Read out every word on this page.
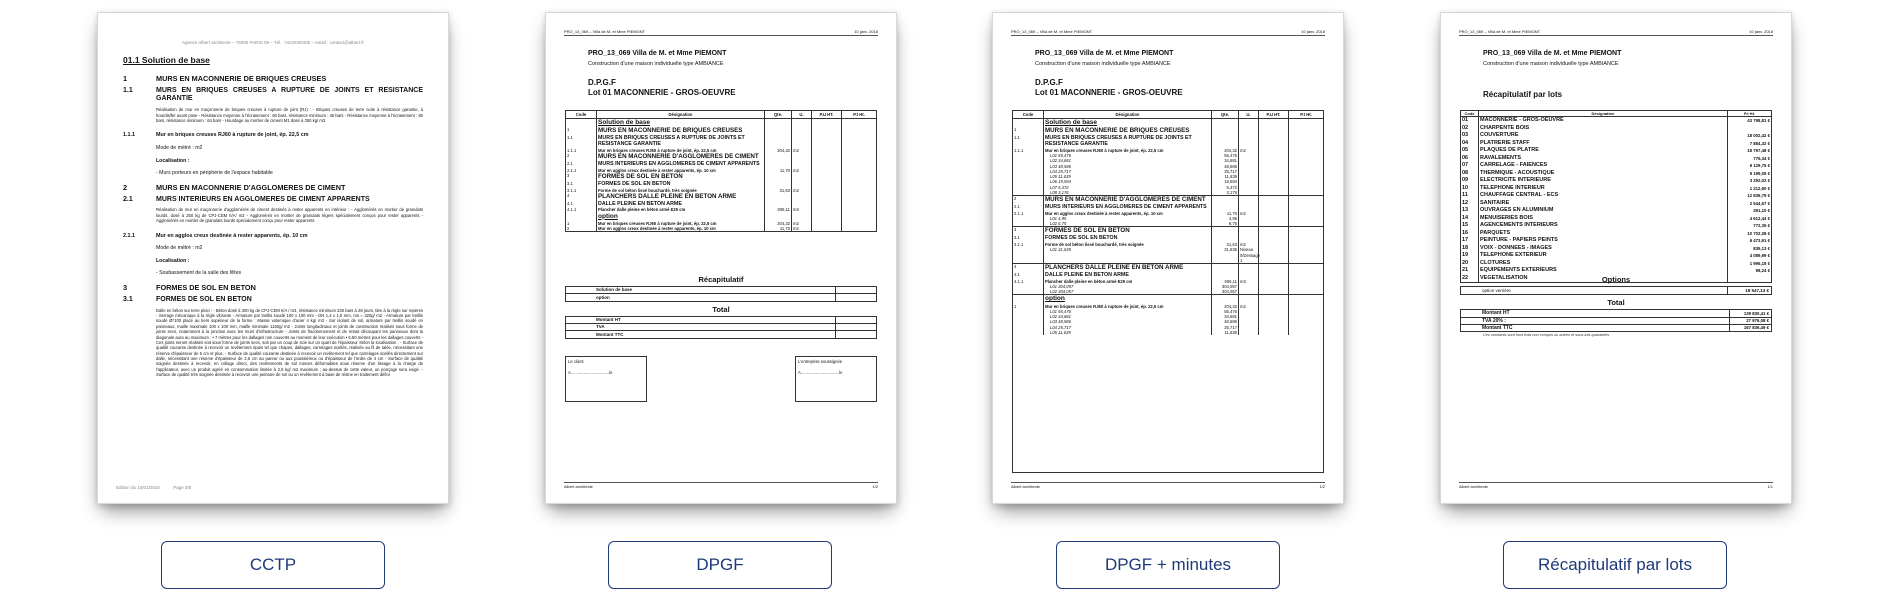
Agence Albert architecte – 75000 PARIS 08 – Tél. : 0102030405 – email : contact@albert.fr
01.1 Solution de base
1	MURS EN MACONNERIE DE BRIQUES CREUSES
1.1	MURS EN BRIQUES CREUSES A RUPTURE DE JOINTS ET RESISTANCE GARANTIE
Réalisation de mur en maçonnerie de briques creuses à rupture de joint (RJ) : - Briques creuses de terre cuite à résistance garantie, à hourdis/fer avant pose - Résistance moyenne à l'écrasement : 60 bars, résistance minimum : 45 bars - Résistance moyenne à l'écrasement : 80 bars, résistance minimum : 64 bars - Hourdage au mortier de ciment M1 dosé à 350 kg/ m3
1.1.1	Mur en briques creuses RJ60 à rupture de joint, ép. 22,5 cm
Mode de métré : m2
Localisation :
- Murs porteurs en périphérie de l'espace habitable
2	MURS EN MACONNERIE D'AGGLOMERES DE CIMENT
2.1	MURS INTERIEURS EN AGGLOMERES DE CIMENT APPARENTS
Réalisation de mur en maçonnerie d'agglomérés de ciment destinés à rester apparents en intérieur : - Agglomérés en mortier de granulats lourds, dosé à 250 kg de CPJ-CEM II/A/ m3 - Agglomérés en mortier de granulats légers spécialement conçus pour rester apparents - Agglomérés en mortier de granulats lourds spécialement conçu pour rester apparents
2.1.1	Mur en agglos creux destinée à rester apparents, ép. 10 cm
Mode de métré : m2
Localisation :
- Soubassement de la salle des fêtes
3	FORMES DE SOL EN BETON
3.1	FORMES DE SOL EN BETON
Dalle en béton sur terre plein : - Béton dosé à 300 kg de CPJ-CEM II/A / m3, résistance minimum 230 bars à 28 jours, titre à la règle sur repères - Serrage mécanique à la règle vibrante - Armature par treillis soudé 100 x 100 mm - DN 1,4 x 1,6 mm, ms = 320g/ m2 - Armature par treillis soudé Ø*100 placé au tiers supérieur de la forme : Masse volumique d'acier 4 kg/ m3 - Sur isolant de sol, armature par treillis soudé en panneaux, maille maximale 100 x 100 mm, maille minimale 1150g/ m2 - Joints longitudinaux et joints de construction réalisés sous forme de joints secs, notamment à la jonction avec les murs d'infrastructure - Joints de fractionnement et de retrait découpant les panneaux dont la diagonale aura au maximum : • 7 mètres pour les dallages non couverts au moment de leur exécution • 6,50 mètres pour les dallages couverts - Ces joints seront réalisés soit sous forme de joints secs, soit par un coup de scie sur un quart de l'épaisseur Selon la localisation : - Surface de qualité courante destinée à recevoir un revêtement épais tel que chapes, dallages, carrelages scellés, réalisée au fil de talée, nécessitant une réserve d'épaisseur de 5 cm et plus. - Surface de qualité courante destinée à recevoir un revêtement tel que carrelages scellés directement sur dalle, nécessitant une réserve d'épaisseur de 2,5 cm au pareur ou aux poussiéreux ou d'épaisseur de l'ordre de 4 cm - Surface de qualité soignée destinée à recevoir, en collage direct, des revêtements de sol minces déformables sous réserve d'un lissage à la charge de l'applicateur, avec un produit agréé en consommation limitée à 2,5 kg/ m2 maximum ; au-dessus de cette valeur, un ponçage sera exigé. - Surface de qualité très soignée destinée à recevoir une peinture de sol ou un revêtement à base de résine en traitement défini
Edition du 10/01/2018	Page 3/8
PRO_13_069 – Villa de M. et Mme PIEMONT	10 janv. 2018
PRO_13_069 Villa de M. et Mme PIEMONT
Construction d'une maison individuelle type AMBIANCE
D.P.G.F
Lot 01 MACONNERIE - GROS-OEUVRE
Code	Désignation	Qte.	U.	P.U HT.	P.t Ht.
Solution de base
1	MURS EN MACONNERIE DE BRIQUES CREUSES
1.1	MURS EN BRIQUES CREUSES A RUPTURE DE JOINTS ET RESISTANCE GARANTIE
1.1.1	Mur en briques creuses RJ60 à rupture de joint, ép. 22,5 cm	204,32 m2
2	MURS EN MACONNERIE D'AGGLOMERES DE CIMENT
2.1	MURS INTERIEURS EN AGGLOMERES DE CIMENT APPARENTS
2.1.1	Mur en agglos creux destinée à rester apparents, ép. 10 cm	11,70 m2
3	FORMES DE SOL EN BETON
3.1	FORMES DE SOL EN BETON
3.1.1	Forme de sol béton lissé bouchardé, très soignée	31,63 m2
4	PLANCHERS DALLE PLEINE EN BETON ARME
4.1	DALLE PLEINE EN BETON ARME
4.1.1	Plancher dalle pleine en béton armé E25 cm	606,11 m3
option
1	Mur en briques creuses RJ60 à rupture de joint, ép. 22,5 cm	204,32 m2
2	Mur en agglos creux destinée à rester apparents, ép. 10 cm	11,70 m2
Récapitulatif
Solution de base
option
Total
Montant HT
TVA
Montant TTC
Le client
A.................................le
L'entreprise soussignée
A.................................le
Albert architecte	1/2
PRO_13_069 – Villa de M. et Mme PIEMONT	10 janv. 2018
PRO_13_069 Villa de M. et Mme PIEMONT
Construction d'une maison individuelle type AMBIANCE
D.P.G.F
Lot 01 MACONNERIE - GROS-OEUVRE
Code	Désignation	Qte.	U.	P.U HT.	P.t Ht.
Solution de base
1	MURS EN MACONNERIE DE BRIQUES CREUSES
1.1	MURS EN BRIQUES CREUSES A RUPTURE DE JOINTS ET RESISTANCE GARANTIE
1.1.1	Mur en briques creuses RJ60 à rupture de joint, ép. 22,5 cm	204,32 m2
L01 55,476	55,476
L02 34,681	34,681
L03 48,586	48,586
L04 25,717	25,717
L05 11,639	11,639
L06 19,594	19,594
L07 5,472	5,472
L08 3,176	3,176
2	MURS EN MACONNERIE D'AGGLOMERES DE CIMENT
2.1	MURS INTERIEURS EN AGGLOMERES DE CIMENT APPARENTS
2.1.1	Mur en agglos creux destinée à rester apparents, ép. 10 cm	11,70 m2
L01 4,95	4,95
L02 6,75	6,75
3	FORMES DE SOL EN BETON
3.1	FORMES DE SOL EN BETON
3.1.1	Forme de sol béton lissé bouchardé, très soignée	31,63 m2
L01 31,635	31,635 Niveau 0/Dessage 1
4	PLANCHERS DALLE PLEINE EN BETON ARME
4.1	DALLE PLEINE EN BETON ARME
4.1.1	Plancher dalle pleine en béton armé E25 cm	606,11 m3
L01 304,057	304,057
L02 304,057	304,057
option
1	Mur en briques creuses RJ60 à rupture de joint, ép. 22,5 cm	204,32 m2
L01 55,476	55,476
L02 34,681	34,681
L03 48,586	48,586
L04 25,717	25,717
L05 11,639	11,639
Albert architecte	1/2
PRO_13_069 – Villa de M. et Mme PIEMONT	10 janv. 2018
PRO_13_069 Villa de M. et Mme PIEMONT
Construction d'une maison individuelle type AMBIANCE
Récapitulatif par lots
Code	Désignation	P.t Ht.
01	MACONNERIE - GROS-OEUVRE	43 798,81 €
02	CHARPENTE BOIS
03	COUVERTURE	18 002,42 €
04	PLATRERIE STAFF	7 884,32 €
05	PLAQUES DE PLATRE	18 797,48 €
06	RAVALEMENTS	775,34 €
07	CARRELAGE - FAIENCES	6 129,75 €
08	THERMIQUE - ACOUSTIQUE	5 199,05 €
09	ELECTRICITE INTERIEURE	3 292,02 €
10	TELEPHONE INTERIEUR	1 212,60 €
11	CHAUFFAGE CENTRAL - ECS	12 836,79 €
12	SANITAIRE	2 544,57 €
13	OUVRAGES EN ALUMINIUM	391,10 €
14	MENUISERIES BOIS	4 612,44 €
15	AGENCEMENTS INTERIEURS	772,35 €
16	PARQUETS	10 702,08 €
17	PEINTURE - PAPIERS PEINTS	6 473,91 €
18	VOIX - DONNEES - IMAGES	839,13 €
19	TELEPHONE EXTERIEUR	4 089,99 €
20	CLOTURES	1 995,18 €
21	EQUIPEMENTS EXTERIEURS	98,24 €
22	VEGETALISATION	Options
option verrière	19 547,13 €
Total
Montant HT	139 830,41 €
TVA 20% :	27 976,08 €
Montant TTC	167 836,49 €
Ces montants sont hors frais non compris ou autres et sous-lots quaranties
Albert architecte	1/1
CCTP	DPGF	DPGF + minutes	Récapitulatif par lots
